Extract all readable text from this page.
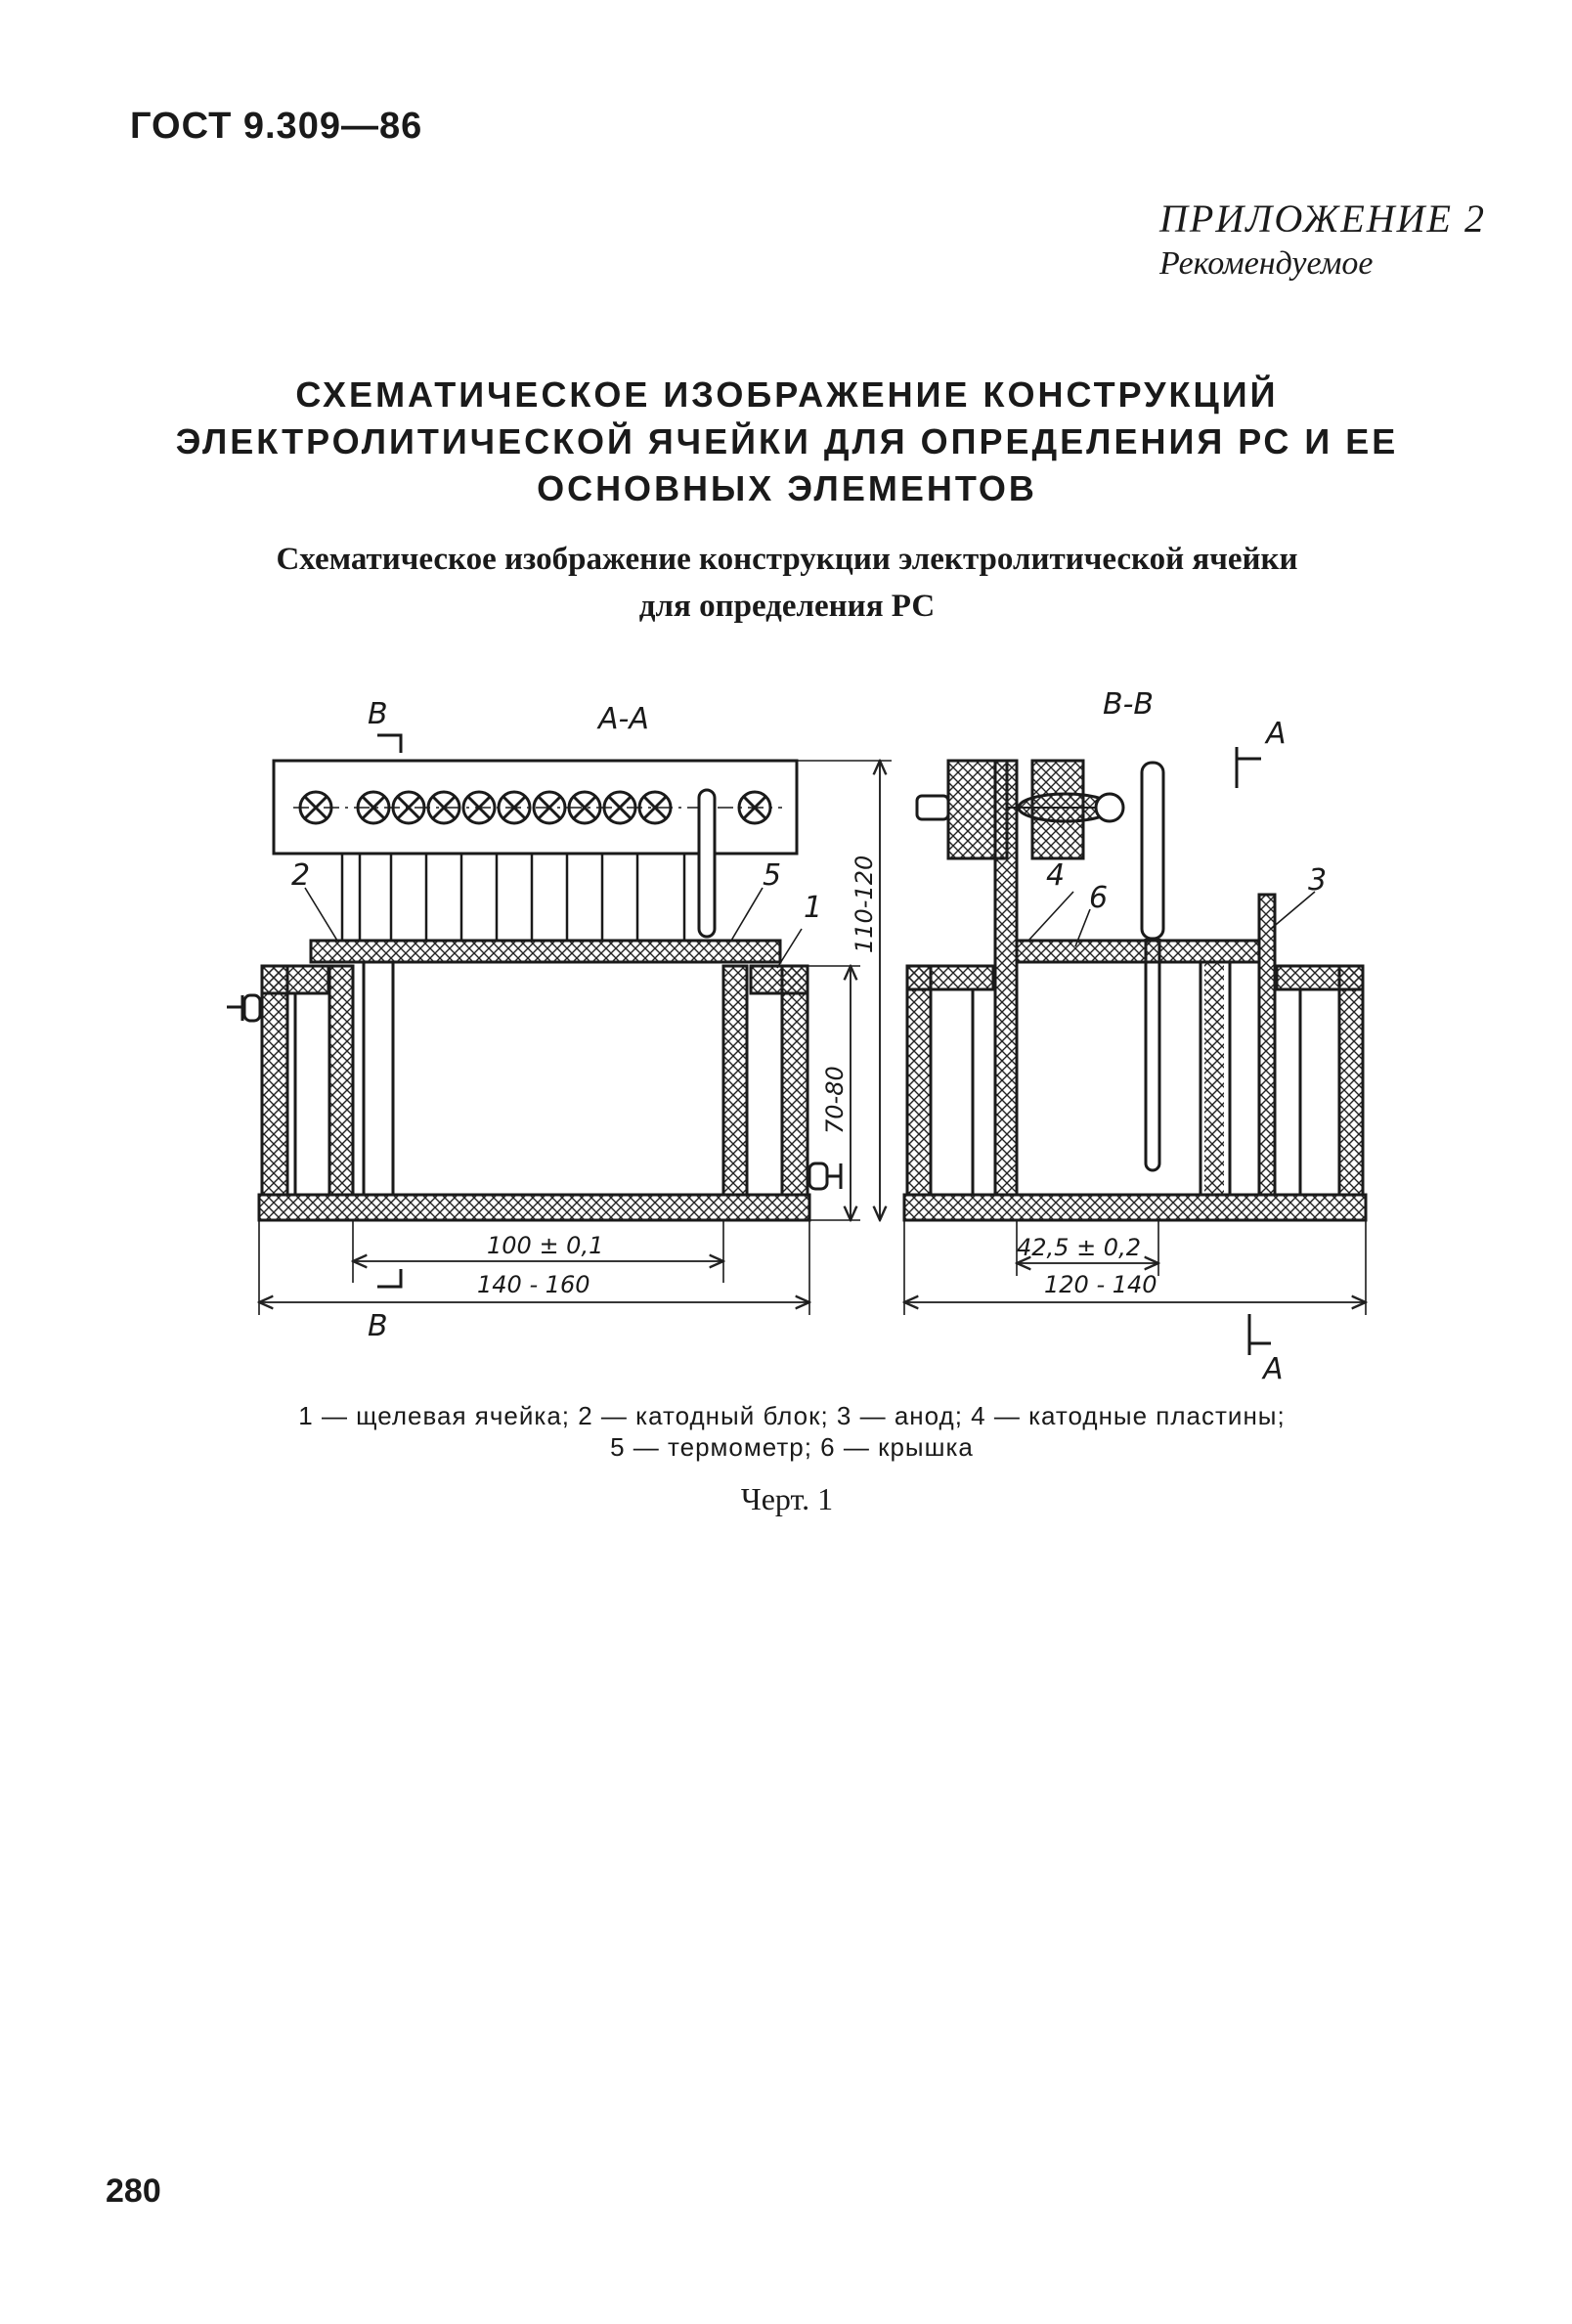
ГОСТ 9.309—86
ПРИЛОЖЕНИЕ 2
Рекомендуемое
СХЕМАТИЧЕСКОЕ ИЗОБРАЖЕНИЕ КОНСТРУКЦИЙ
ЭЛЕКТРОЛИТИЧЕСКОЙ ЯЧЕЙКИ ДЛЯ ОПРЕДЕЛЕНИЯ РС И ЕЕ
ОСНОВНЫХ ЭЛЕМЕНТОВ
Схематическое изображение конструкции электролитической ячейки
для определения РС
А-А	В-В
В
В
А
А
2	5
1
4
6
3
100 ± 0,1
140 - 160
42,5 ± 0,2
120 - 140
70-80
110-120
1 — щелевая ячейка; 2 — катодный блок; 3 — анод; 4 — катодные пластины;
5 — термометр; 6 — крышка
Черт. 1
280
